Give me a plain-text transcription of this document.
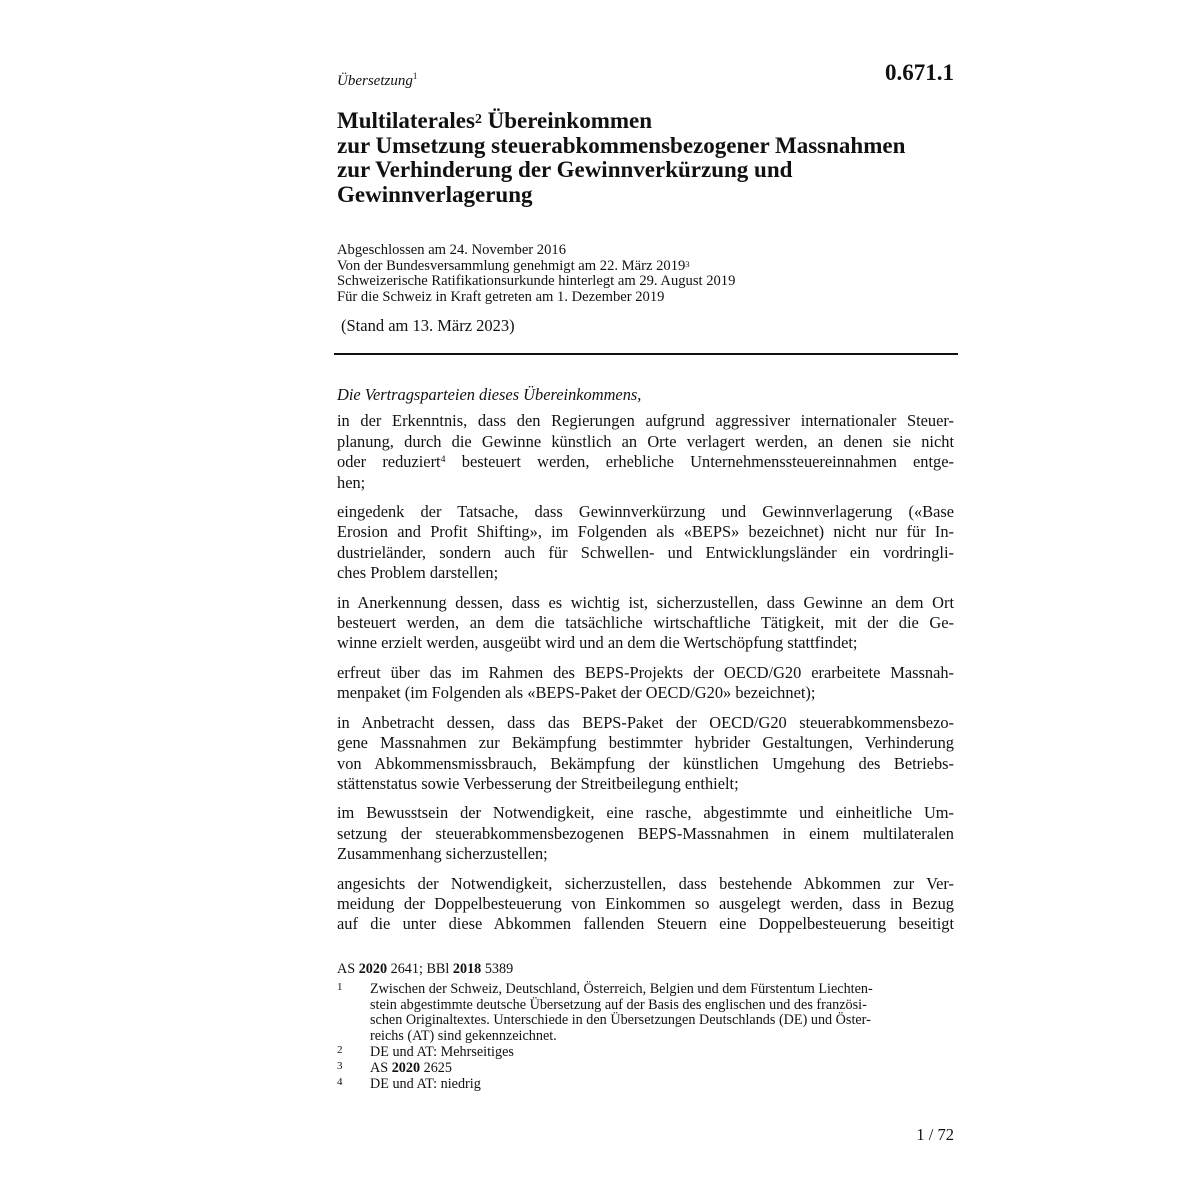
0.671.1
Übersetzung$^1$
Multilaterales$^2$ Übereinkommen
zur Umsetzung steuerabkommensbezogener Massnahmen
zur Verhinderung der Gewinnverkürzung und
Gewinnverlagerung
Abgeschlossen am 24. November 2016
Von der Bundesversammlung genehmigt am 22. März 2019$^3$
Schweizerische Ratifikationsurkunde hinterlegt am 29. August 2019
Für die Schweiz in Kraft getreten am 1. Dezember 2019
(Stand am 13. März 2023)

Die Vertragsparteien dieses Übereinkommens,

in der Erkenntnis, dass den Regierungen aufgrund aggressiver internationaler Steuer-
planung, durch die Gewinne künstlich an Orte verlagert werden, an denen sie nicht
oder reduziert$^4$ besteuert werden, erhebliche Unternehmenssteuereinnahmen entge-
hen;

eingedenk der Tatsache, dass Gewinnverkürzung und Gewinnverlagerung («Base
Erosion and Profit Shifting», im Folgenden als «BEPS» bezeichnet) nicht nur für In-
dustrieländer, sondern auch für Schwellen- und Entwicklungsländer ein vordringli-
ches Problem darstellen;

in Anerkennung dessen, dass es wichtig ist, sicherzustellen, dass Gewinne an dem Ort
besteuert werden, an dem die tatsächliche wirtschaftliche Tätigkeit, mit der die Ge-
winne erzielt werden, ausgeübt wird und an dem die Wertschöpfung stattfindet;

erfreut über das im Rahmen des BEPS-Projekts der OECD/G20 erarbeitete Massnah-
menpaket (im Folgenden als «BEPS-Paket der OECD/G20» bezeichnet);

in Anbetracht dessen, dass das BEPS-Paket der OECD/G20 steuerabkommensbezo-
gene Massnahmen zur Bekämpfung bestimmter hybrider Gestaltungen, Verhinderung
von Abkommensmissbrauch, Bekämpfung der künstlichen Umgehung des Betriebs-
stättenstatus sowie Verbesserung der Streitbeilegung enthielt;

im Bewusstsein der Notwendigkeit, eine rasche, abgestimmte und einheitliche Um-
setzung der steuerabkommensbezogenen BEPS-Massnahmen in einem multilateralen
Zusammenhang sicherzustellen;

angesichts der Notwendigkeit, sicherzustellen, dass bestehende Abkommen zur Ver-
meidung der Doppelbesteuerung von Einkommen so ausgelegt werden, dass in Bezug
auf die unter diese Abkommen fallenden Steuern eine Doppelbesteuerung beseitigt

AS 2020 2641; BBl 2018 5389
1 Zwischen der Schweiz, Deutschland, Österreich, Belgien und dem Fürstentum Liechten-
stein abgestimmte deutsche Übersetzung auf der Basis des englischen und des französi-
schen Originaltextes. Unterschiede in den Übersetzungen Deutschlands (DE) und Öster-
reichs (AT) sind gekennzeichnet.
2 DE und AT: Mehrseitiges
3 AS 2020 2625
4 DE und AT: niedrig
1 / 72
